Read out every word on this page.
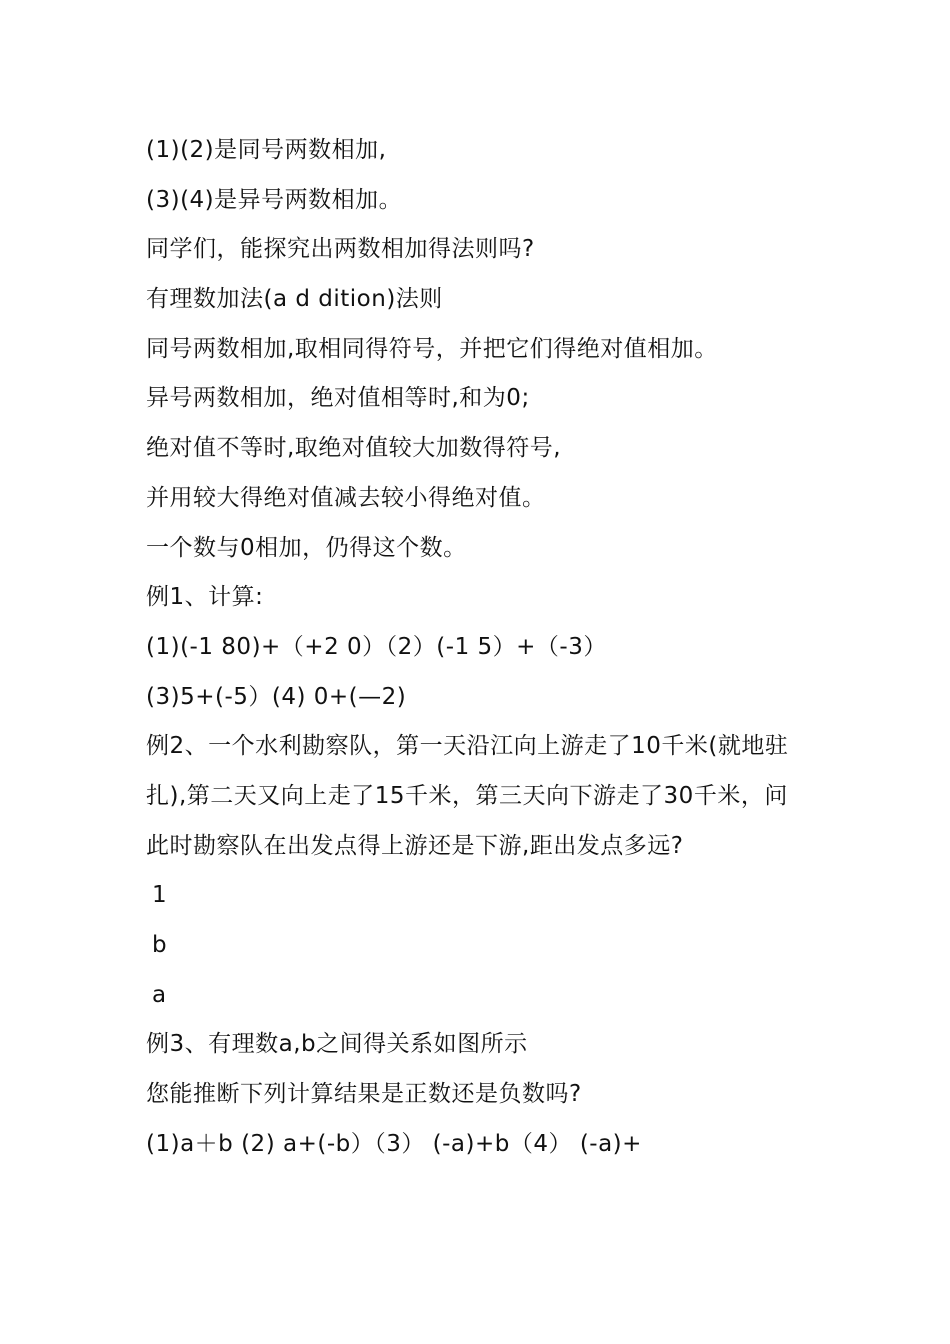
(1)(2)是同号两数相加,
(3)(4)是异号两数相加。
同学们，能探究出两数相加得法则吗?
有理数加法(a d dition)法则
同号两数相加,取相同得符号，并把它们得绝对值相加。
异号两数相加，绝对值相等时,和为0;
绝对值不等时,取绝对值较大加数得符号,
并用较大得绝对值减去较小得绝对值。
一个数与0相加，仍得这个数。
例1、计算:
(1)(-1 80)+（+2 0）（2）(-1 5）+（-3）
(3)5+(-5）(4) 0+(—2)
例2、一个水利勘察队，第一天沿江向上游走了10千米(就地驻扎),第二天又向上走了15千米，第三天向下游走了30千米，问此时勘察队在出发点得上游还是下游,距出发点多远?
1
b
a
例3、有理数a,b之间得关系如图所示
您能推断下列计算结果是正数还是负数吗?
(1)a＋b (2) a+(-b）（3） (-a)+b（4） (-a)+
